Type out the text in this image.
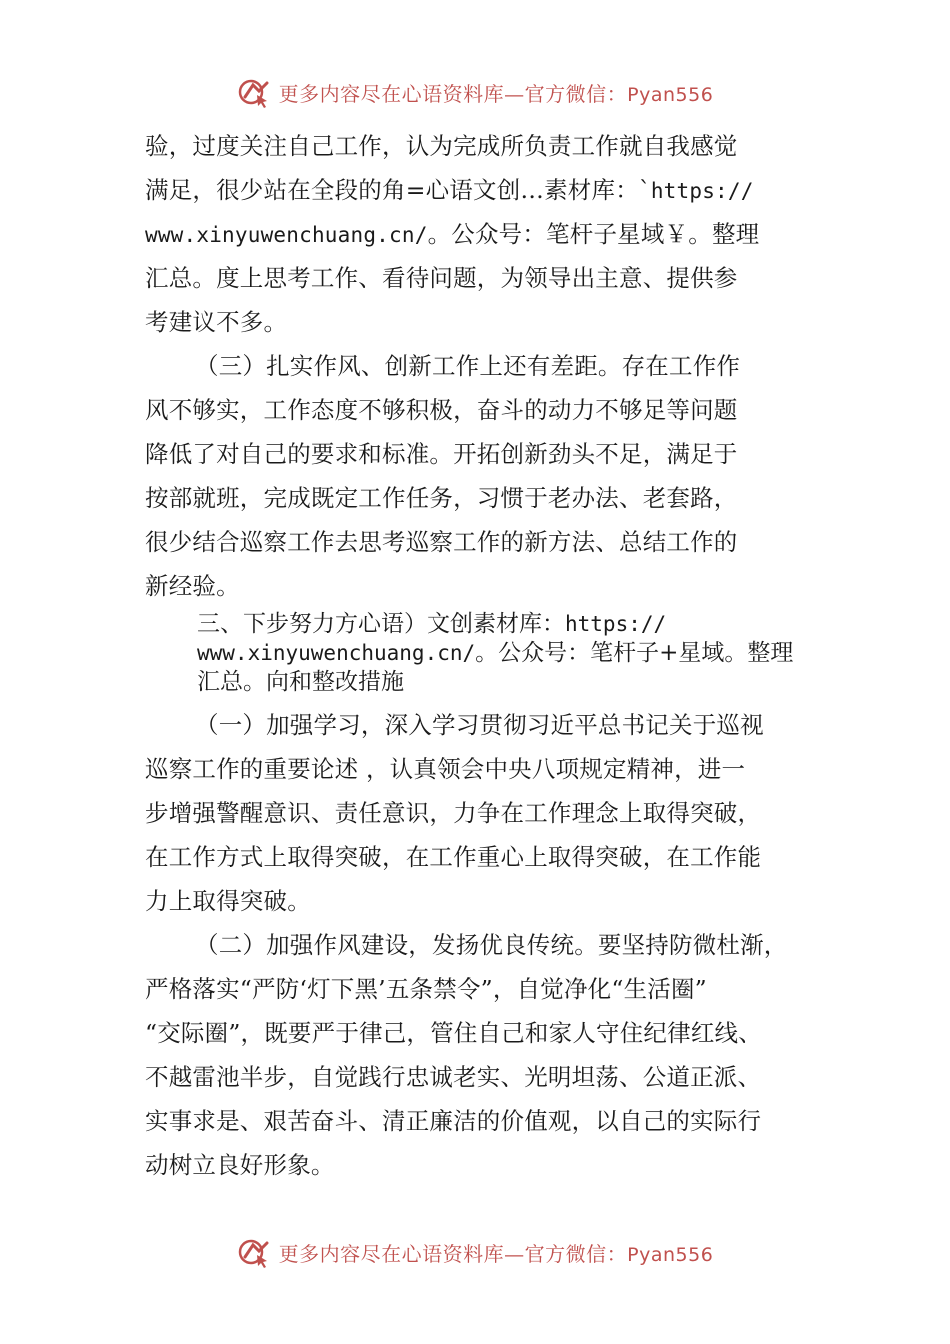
更多内容尽在心语资料库—官方微信：Pyan556
验，过度关注自己工作，认为完成所负责工作就自我感觉
满足，很少站在全段的角=心语文创…素材库：`https://
www.xinyuwenchuang.cn/。公众号：笔杆子星域￥。整理
汇总。度上思考工作、看待问题，为领导出主意、提供参
考建议不多。
（三）扎实作风、创新工作上还有差距。存在工作作
风不够实，工作态度不够积极，奋斗的动力不够足等问题
降低了对自己的要求和标准。开拓创新劲头不足，满足于
按部就班，完成既定工作任务，习惯于老办法、老套路，
很少结合巡察工作去思考巡察工作的新方法、总结工作的
新经验。
三、下步努力方心语）文创素材库：https://
www.xinyuwenchuang.cn/。公众号：笔杆子+星域。整理
汇总。向和整改措施
（一）加强学习，深入学习贯彻习近平总书记关于巡视
巡察工作的重要论述 ，认真领会中央八项规定精神，进一
步增强警醒意识、责任意识，力争在工作理念上取得突破，
在工作方式上取得突破，在工作重心上取得突破，在工作能
力上取得突破。
（二）加强作风建设，发扬优良传统。要坚持防微杜渐，
严格落实“严防‘灯下黑’五条禁令”，自觉净化“生活圈”
“交际圈”，既要严于律己，管住自己和家人守住纪律红线、
不越雷池半步，自觉践行忠诚老实、光明坦荡、公道正派、
实事求是、艰苦奋斗、清正廉洁的价值观，以自己的实际行
动树立良好形象。
更多内容尽在心语资料库—官方微信：Pyan556
